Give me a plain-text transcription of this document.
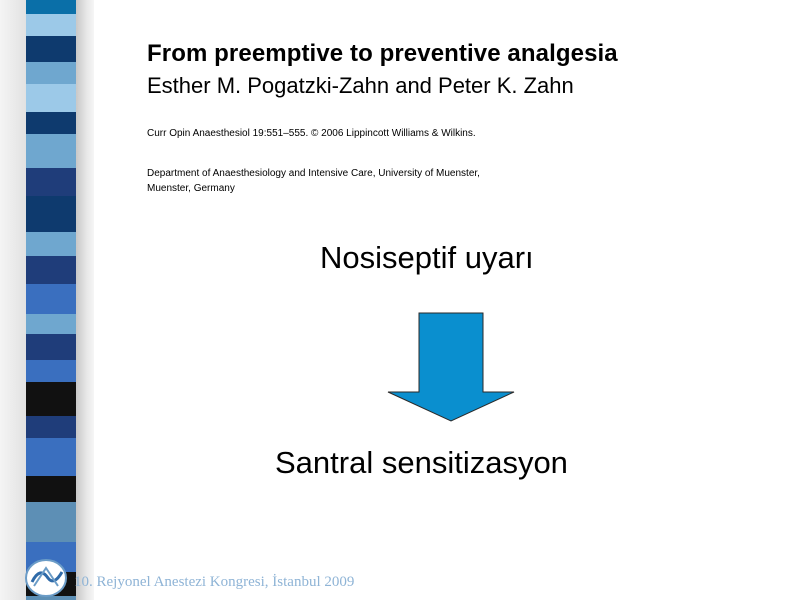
From preemptive to preventive analgesia
Esther M. Pogatzki-Zahn and Peter K. Zahn
Curr Opin Anaesthesiol 19:551–555. © 2006 Lippincott Williams & Wilkins.
Department of Anaesthesiology and Intensive Care, University of Muenster,
Muenster, Germany
Nosiseptif uyarı
Santral sensitizasyon
10. Rejyonel Anestezi Kongresi, İstanbul 2009
